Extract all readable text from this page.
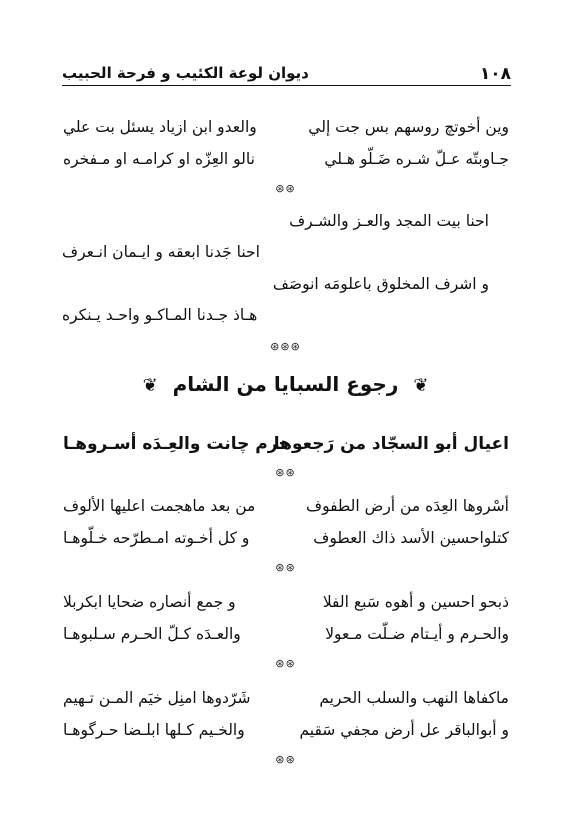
١٠٨
ديوان لوعة الكئيب و فرحة الحبيب
وين أخوتچ روسهم بس جت إلي
والعدو ابن ازياد يسئل بت علي
جـاوبتّه عـلّ شـره ضَـلّو هـلي
نالو العِزّه او كرامـه او مـفخره
⊛⊛
احنا بيت المجد والعـز والشـرف
احنا جَدنا ابعقه و ايـمان انـعرف
و اشرف المخلوق باعلومَه انوصَف
هـاذ جـدنا المـاكـو واحـد يـنكره
⊛⊛⊛
❦ رجوع السبايا من الشام ❦
اعيال أبو السجّاد من رَجعوها
حرم چانت والعِـدَه أسـروهـا
⊛⊛
أسْروها العِدَه من أرض الطفوف
من بعد ماهجمت اعليها الألوف
كتلواحسين الأسد ذاك العطوف
و كل أخـوته امـطرّحه خـلّوهـا
⊛⊛
ذبحو احسين و أهوه سَبع الفلا
و جمع أنصاره ضحايا ابكربلا
والحـرم و أيـتام ضـلّت مـعولا
والعـدَه كـلّ الحـرم سـلبوهـا
⊛⊛
ماكفاها النهب والسلب الحريم
شَرّدوها امنِل خيَم المـن تـهيم
و أبوالباقر عل أرض مجفي سَقيم
والخـيم كـلها ابلـضا حـرگوهـا
⊛⊛
